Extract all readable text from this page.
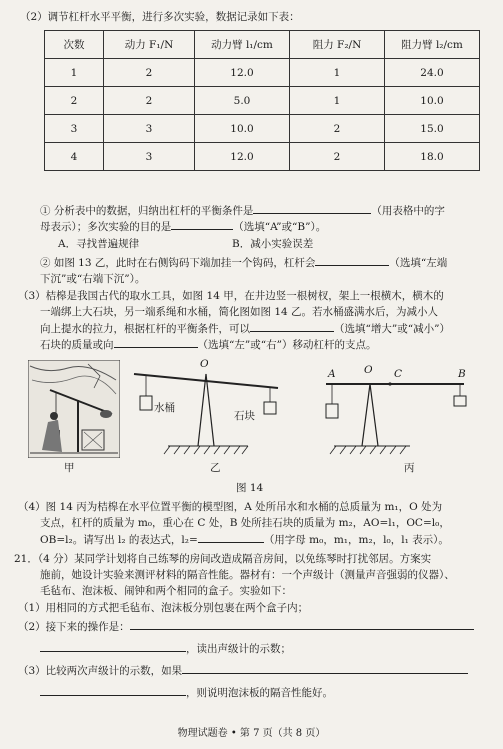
（2）调节杠杆水平平衡，进行多次实验，数据记录如下表：
次数	动力 F₁/N	动力臂 l₁/cm	阻力 F₂/N	阻力臂 l₂/cm
1	2	12.0	1	24.0
2	2	5.0	1	10.0
3	3	10.0	2	15.0
4	3	12.0	2	18.0
① 分析表中的数据，归纳出杠杆的平衡条件是	（用表格中的字
母表示）；多次实验的目的是	（选填“A”或“B”）。
A．寻找普遍规律	B．减小实验误差
② 如图 13 乙，此时在右侧钩码下端加挂一个钩码，杠杆会	（选填“左端
下沉”或“右端下沉”）。
（3）桔槔是我国古代的取水工具，如图 14 甲，在井边竖一根树杈，架上一根横木，横木的
一端绑上大石块，另一端系绳和水桶，简化图如图 14 乙。若水桶盛满水后，为减小人
向上提水的拉力，根据杠杆的平衡条件，可以	（选填“增大”或“减小”）
石块的质量或向	（选填“左”或“右”）移动杠杆的支点。
O
水桶
石块
A	O C	B
甲	乙	丙
图 14
（4）图 14 丙为桔槔在水平位置平衡的模型图，A 处所吊水和水桶的总质量为 m₁，O 处为
支点，杠杆的质量为 m₀，重心在 C 处，B 处所挂石块的质量为 m₂，AO=l₁，OC=l₀，
OB=l₂。请写出 l₂ 的表达式，l₂=	（用字母 m₀，m₁，m₂，l₀，l₁ 表示）。
21．（4 分）某同学计划将自己练琴的房间改造成隔音房间，以免练琴时打扰邻居。方案实
施前，她设计实验来测评材料的隔音性能。器材有：一个声级计（测量声音强弱的仪器）、
毛毡布、泡沫板、闹钟和两个相同的盒子。实验如下：
（1）用相同的方式把毛毡布、泡沫板分别包裹在两个盒子内；
（2）接下来的操作是：
，读出声级计的示数；
（3）比较两次声级计的示数，如果
，则说明泡沫板的隔音性能好。
物理试题卷 • 第 7 页（共 8 页）
